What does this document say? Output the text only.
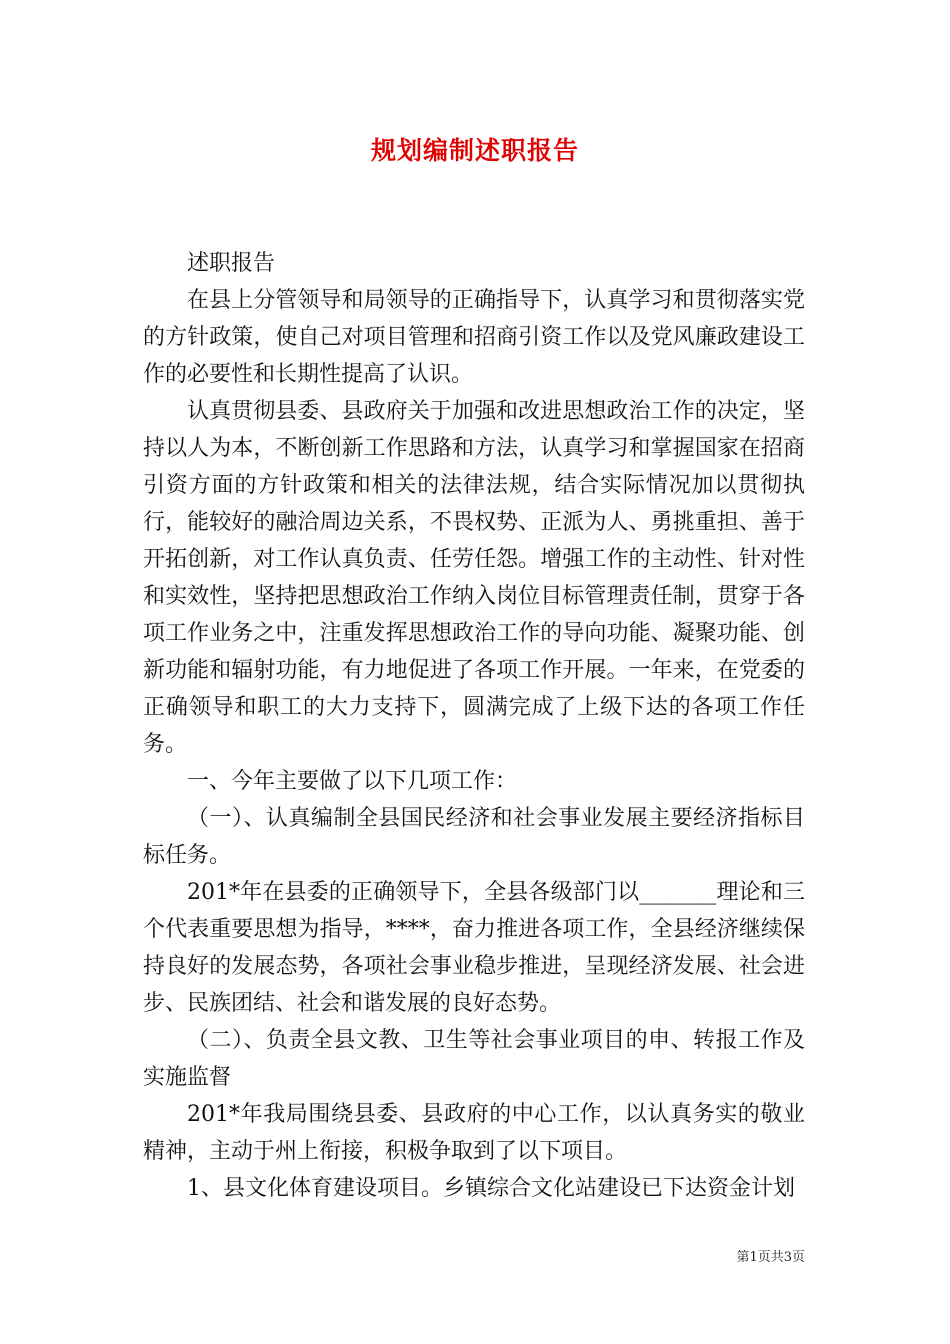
规划编制述职报告

述职报告

在县上分管领导和局领导的正确指导下，认真学习和贯彻落实党的方针政策，使自己对项目管理和招商引资工作以及党风廉政建设工作的必要性和长期性提高了认识。

认真贯彻县委、县政府关于加强和改进思想政治工作的决定，坚持以人为本，不断创新工作思路和方法，认真学习和掌握国家在招商引资方面的方针政策和相关的法律法规，结合实际情况加以贯彻执行，能较好的融洽周边关系，不畏权势、正派为人、勇挑重担、善于开拓创新，对工作认真负责、任劳任怨。增强工作的主动性、针对性和实效性，坚持把思想政治工作纳入岗位目标管理责任制，贯穿于各项工作业务之中，注重发挥思想政治工作的导向功能、凝聚功能、创新功能和辐射功能，有力地促进了各项工作开展。一年来，在党委的正确领导和职工的大力支持下，圆满完成了上级下达的各项工作任务。

一、今年主要做了以下几项工作：

（一）、认真编制全县国民经济和社会事业发展主要经济指标目标任务。

201*年在县委的正确领导下，全县各级部门以_______理论和三个代表重要思想为指导，****，奋力推进各项工作，全县经济继续保持良好的发展态势，各项社会事业稳步推进，呈现经济发展、社会进步、民族团结、社会和谐发展的良好态势。

（二）、负责全县文教、卫生等社会事业项目的申、转报工作及实施监督

201*年我局围绕县委、县政府的中心工作，以认真务实的敬业精神，主动于州上衔接，积极争取到了以下项目。

1、县文化体育建设项目。乡镇综合文化站建设已下达资金计划

第1页共3页
